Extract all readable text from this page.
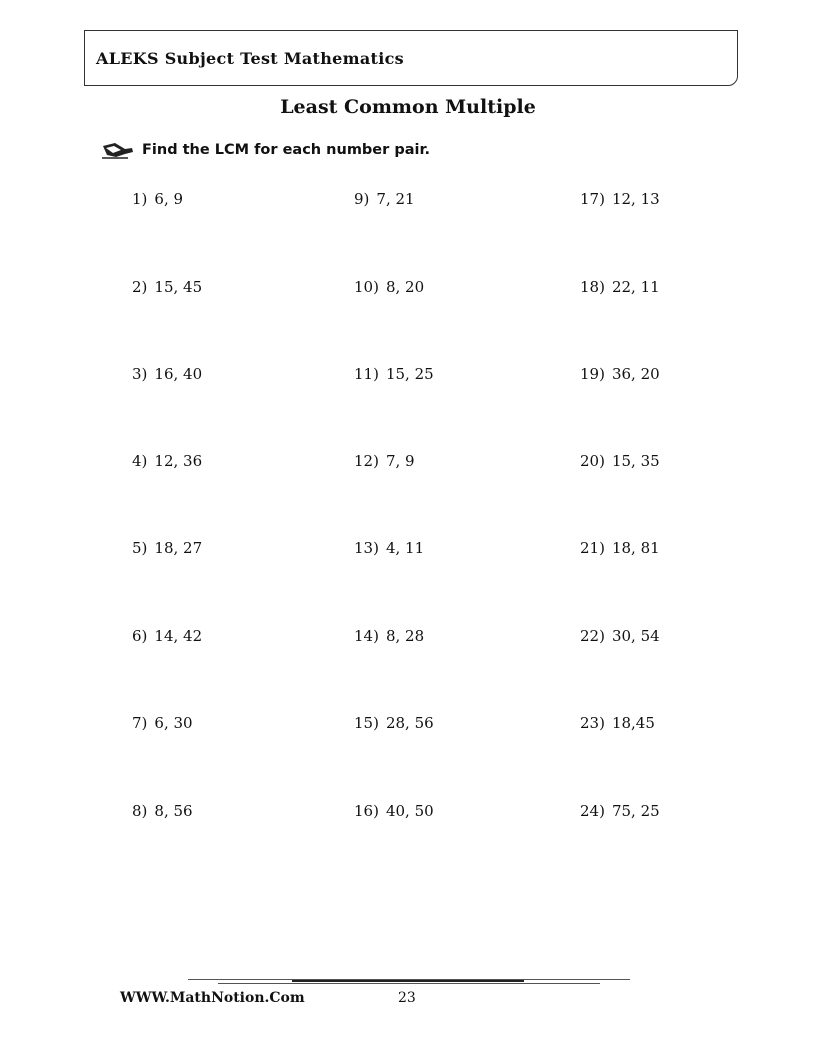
ALEKS Subject Test Mathematics
Least Common Multiple
Find the LCM for each number pair.
1) 6, 9
2) 15, 45
3) 16, 40
4) 12, 36
5) 18, 27
6) 14, 42
7) 6, 30
8) 8, 56
9) 7, 21
10) 8, 20
11) 15, 25
12) 7, 9
13) 4, 11
14) 8, 28
15) 28, 56
16) 40, 50
17) 12, 13
18) 22, 11
19) 36, 20
20) 15, 35
21) 18, 81
22) 30, 54
23) 18,45
24) 75, 25
WWW.MathNotion.Com	23
